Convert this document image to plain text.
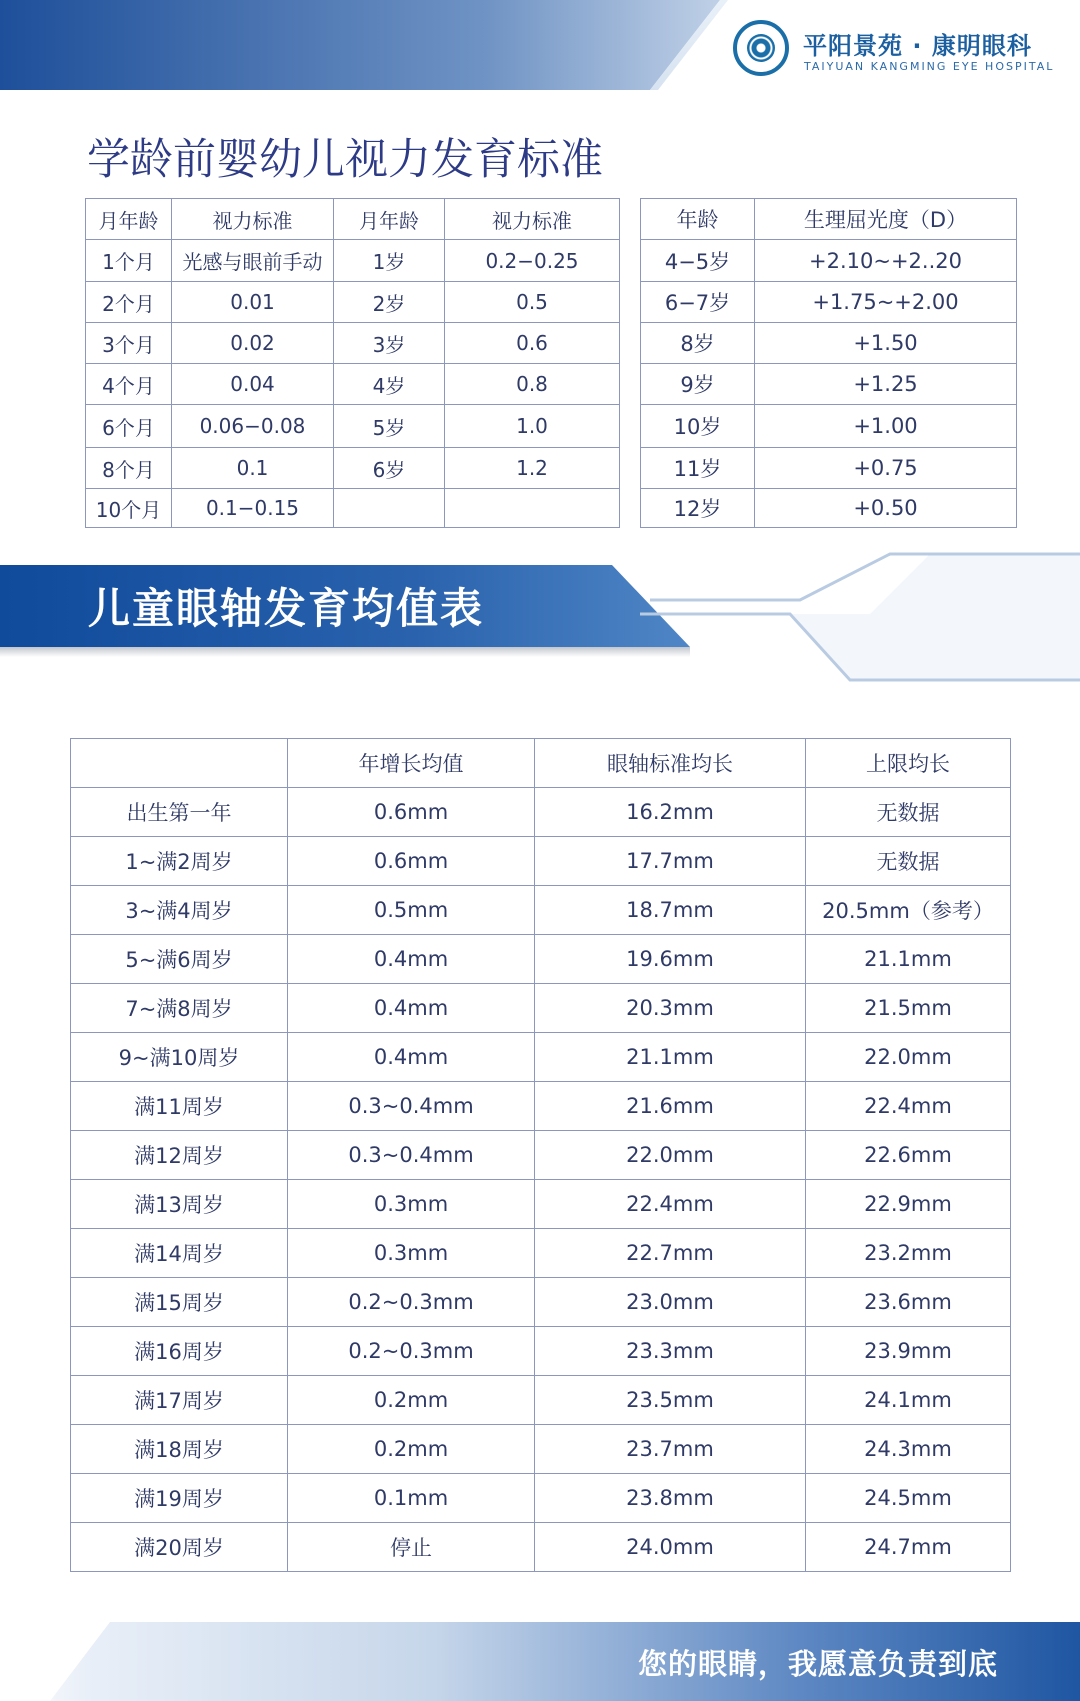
平阳景苑 · 康明眼科
TAIYUAN KANGMING EYE HOSPITAL
学龄前婴幼儿视力发育标准
月年龄	视力标准	月年龄	视力标准
1个月	光感与眼前手动	1岁	0.2−0.25
2个月	0.01	2岁	0.5
3个月	0.02	3岁	0.6
4个月	0.04	4岁	0.8
6个月	0.06−0.08	5岁	1.0
8个月	0.1	6岁	1.2
10个月	0.1−0.15		
年龄	生理屈光度（D）
4−5岁	+2.10~+2..20
6−7岁	+1.75~+2.00
8岁	+1.50
9岁	+1.25
10岁	+1.00
11岁	+0.75
12岁	+0.50
儿童眼轴发育均值表
	年增长均值	眼轴标准均长	上限均长
出生第一年	0.6mm	16.2mm	无数据
1~满2周岁	0.6mm	17.7mm	无数据
3~满4周岁	0.5mm	18.7mm	20.5mm（参考）
5~满6周岁	0.4mm	19.6mm	21.1mm
7~满8周岁	0.4mm	20.3mm	21.5mm
9~满10周岁	0.4mm	21.1mm	22.0mm
满11周岁	0.3~0.4mm	21.6mm	22.4mm
满12周岁	0.3~0.4mm	22.0mm	22.6mm
满13周岁	0.3mm	22.4mm	22.9mm
满14周岁	0.3mm	22.7mm	23.2mm
满15周岁	0.2~0.3mm	23.0mm	23.6mm
满16周岁	0.2~0.3mm	23.3mm	23.9mm
满17周岁	0.2mm	23.5mm	24.1mm
满18周岁	0.2mm	23.7mm	24.3mm
满19周岁	0.1mm	23.8mm	24.5mm
满20周岁	停止	24.0mm	24.7mm
您的眼睛，我愿意负责到底
